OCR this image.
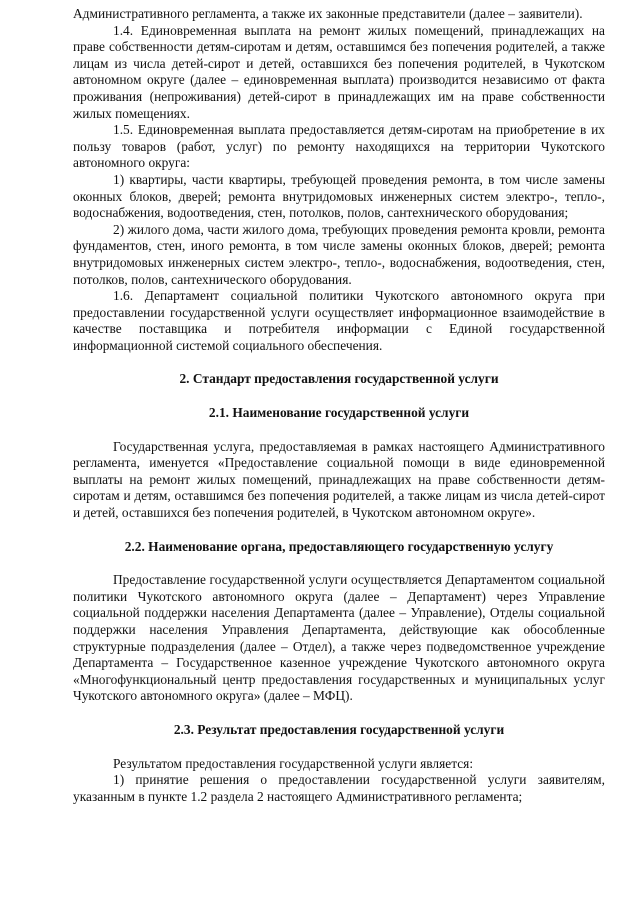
Административного регламента, а также их законные представители (далее – заявители).

1.4. Единовременная выплата на ремонт жилых помещений, принадлежащих на праве собственности детям-сиротам и детям, оставшимся без попечения родителей, а также лицам из числа детей-сирот и детей, оставшихся без попечения родителей, в Чукотском автономном округе (далее – единовременная выплата) производится независимо от факта проживания (непроживания) детей-сирот в принадлежащих им на праве собственности жилых помещениях.

1.5. Единовременная выплата предоставляется детям-сиротам на приобретение в их пользу товаров (работ, услуг) по ремонту находящихся на территории Чукотского автономного округа:

1) квартиры, части квартиры, требующей проведения ремонта, в том числе замены оконных блоков, дверей; ремонта внутридомовых инженерных систем электро-, тепло-, водоснабжения, водоотведения, стен, потолков, полов, сантехнического оборудования;

2) жилого дома, части жилого дома, требующих проведения ремонта кровли, ремонта фундаментов, стен, иного ремонта, в том числе замены оконных блоков, дверей; ремонта внутридомовых инженерных систем электро-, тепло-, водоснабжения, водоотведения, стен, потолков, полов, сантехнического оборудования.

1.6. Департамент социальной политики Чукотского автономного округа при предоставлении государственной услуги осуществляет информационное взаимодействие в качестве поставщика и потребителя информации с Единой государственной информационной системой социального обеспечения.

2. Стандарт предоставления государственной услуги

2.1. Наименование государственной услуги

Государственная услуга, предоставляемая в рамках настоящего Административного регламента, именуется «Предоставление социальной помощи в виде единовременной выплаты на ремонт жилых помещений, принадлежащих на праве собственности детям-сиротам и детям, оставшимся без попечения родителей, а также лицам из числа детей-сирот и детей, оставшихся без попечения родителей, в Чукотском автономном округе».

2.2. Наименование органа, предоставляющего государственную услугу

Предоставление государственной услуги осуществляется Департаментом социальной политики Чукотского автономного округа (далее – Департамент) через Управление социальной поддержки населения Департамента (далее – Управление), Отделы социальной поддержки населения Управления Департамента, действующие как обособленные структурные подразделения (далее – Отдел), а также через подведомственное учреждение Департамента – Государственное казенное учреждение Чукотского автономного округа «Многофункциональный центр предоставления государственных и муниципальных услуг Чукотского автономного округа» (далее – МФЦ).

2.3. Результат предоставления государственной услуги

Результатом предоставления государственной услуги является:

1) принятие решения о предоставлении государственной услуги заявителям, указанным в пункте 1.2 раздела 2 настоящего Административного регламента;
